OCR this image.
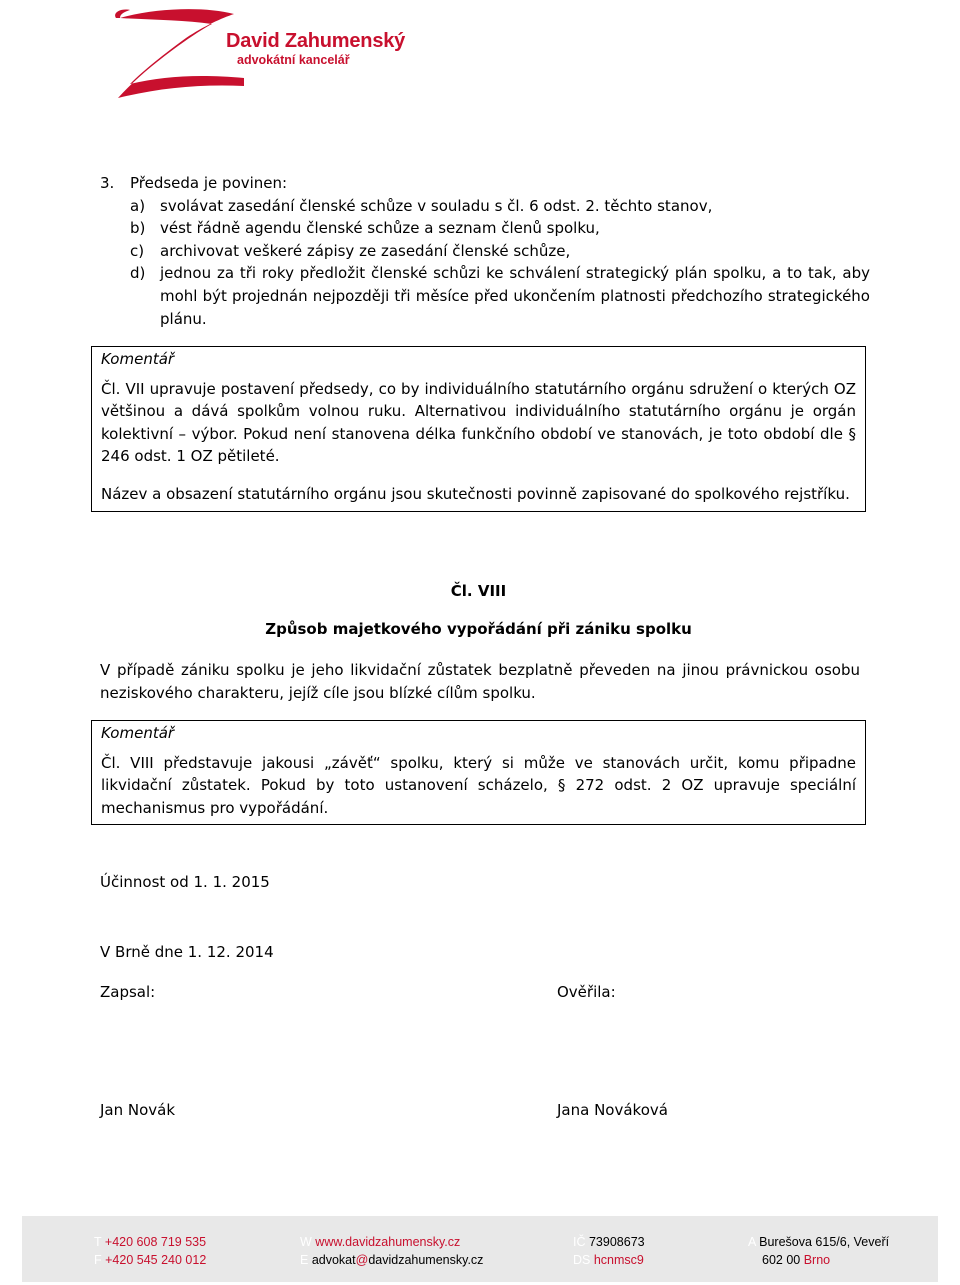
David Zahumenský
advokátní kancelář
3.	Předseda je povinen:
a) svolávat zasedání členské schůze v souladu s čl. 6 odst. 2. těchto stanov,
b) vést řádně agendu členské schůze a seznam členů spolku,
c)	archivovat veškeré zápisy ze zasedání členské schůze,
d) jednou za tři roky předložit členské schůzi ke schválení strategický plán spolku, a to tak, aby mohl být projednán nejpozději tři měsíce před ukončením platnosti předchozího strategického plánu.

Komentář

Čl. VII upravuje postavení předsedy, co by individuálního statutárního orgánu sdružení o kterých OZ většinou a dává spolkům volnou ruku. Alternativou individuálního statutárního orgánu je orgán kolektivní – výbor. Pokud není stanovena délka funkčního období ve stanovách, je toto období dle § 246 odst. 1 OZ pětileté.

Název a obsazení statutárního orgánu jsou skutečnosti povinně zapisované do spolkového rejstříku.

Čl. VIII
Způsob majetkového vypořádání při zániku spolku

V případě zániku spolku je jeho likvidační zůstatek bezplatně převeden na jinou právnickou osobu neziskového charakteru, jejíž cíle jsou blízké cílům spolku.

Komentář

Čl. VIII představuje jakousi „závěť“ spolku, který si může ve stanovách určit, komu připadne likvidační zůstatek. Pokud by toto ustanovení scházelo, § 272 odst. 2 OZ upravuje speciální mechanismus pro vypořádání.

Účinnost od 1. 1. 2015
V Brně dne 1. 12. 2014
Zapsal:	Ověřila:
Jan Novák	Jana Nováková
T +420 608 719 535
F +420 545 240 012
W www.davidzahumensky.cz
E advokat@davidzahumensky.cz
IČ 73908673
DS hcnmsc9
A Burešova 615/6, Veveří
602 00 Brno
